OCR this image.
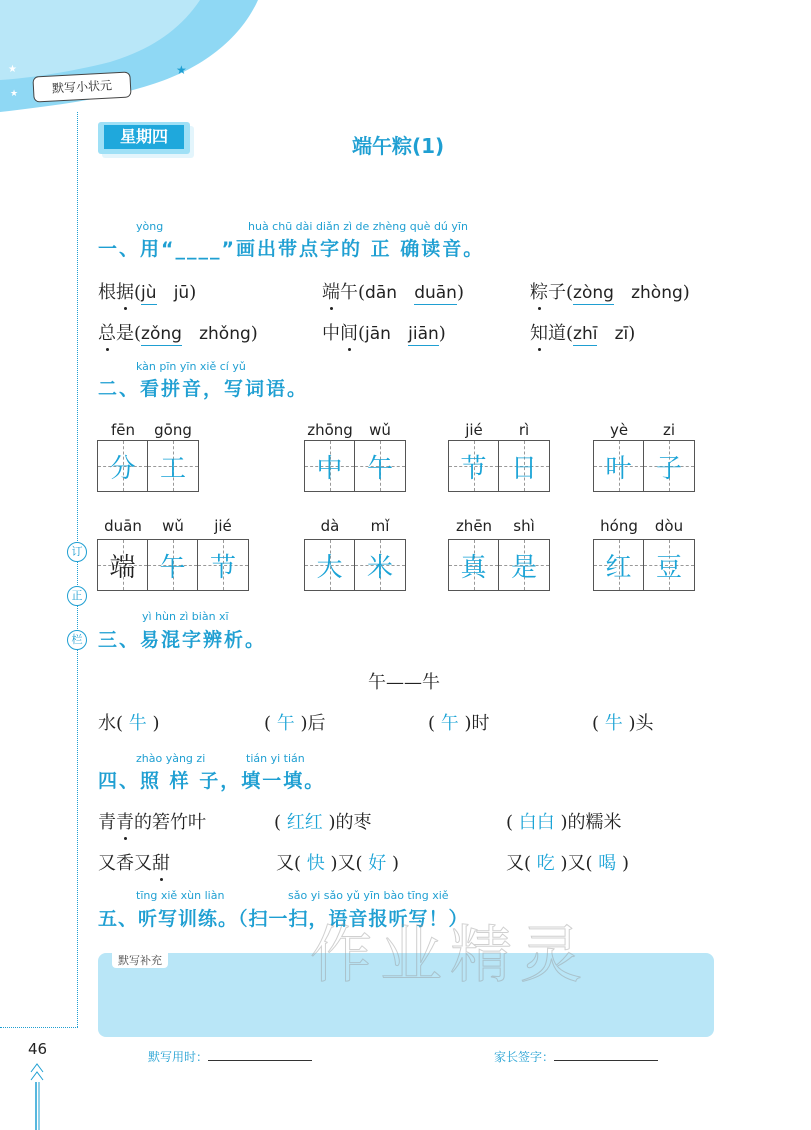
★	★
★	默写小状元
星期四	端午粽(1)
yòng	huà chū dài diǎn zì de zhèng què dú yīn
一、用“____”画出带点字的 正 确读音。
根据(jù jū)	端午(dān duān)	粽子(zòng zhòng)
总是(zǒng zhǒng)	中间(jān jiān)	知道(zhī zī)
kàn pīn yīn xiě cí yǔ
二、看拼音，写词语。
fēn	gōng
分 工
zhōng	wǔ
中 午
jié	rì
节 日
yè	zi
叶 子
duān	wǔ	jié
端 午 节
dà	mǐ
大 米
zhēn	shì
真 是
hóng	dòu
红 豆
订
正
栏
yì hùn zì biàn xī
三、易混字辨析。
午——牛
水( 牛 )	( 午 )后	( 午 )时	( 牛 )头
zhào yàng zi	tián yi tián
四、照 样 子，填一填。
青青的箬竹叶	( 红红 )的枣	( 白白 )的糯米
又香又甜	又( 快 )又( 好 )	又( 吃 )又( 喝 )
tīng xiě xùn liàn	sǎo yi sǎo yǔ yīn bào tīng xiě
五、听写训练。（扫一扫，语音报听写！）
默写补充 作业精灵
46	默写用时：	家长签字：
